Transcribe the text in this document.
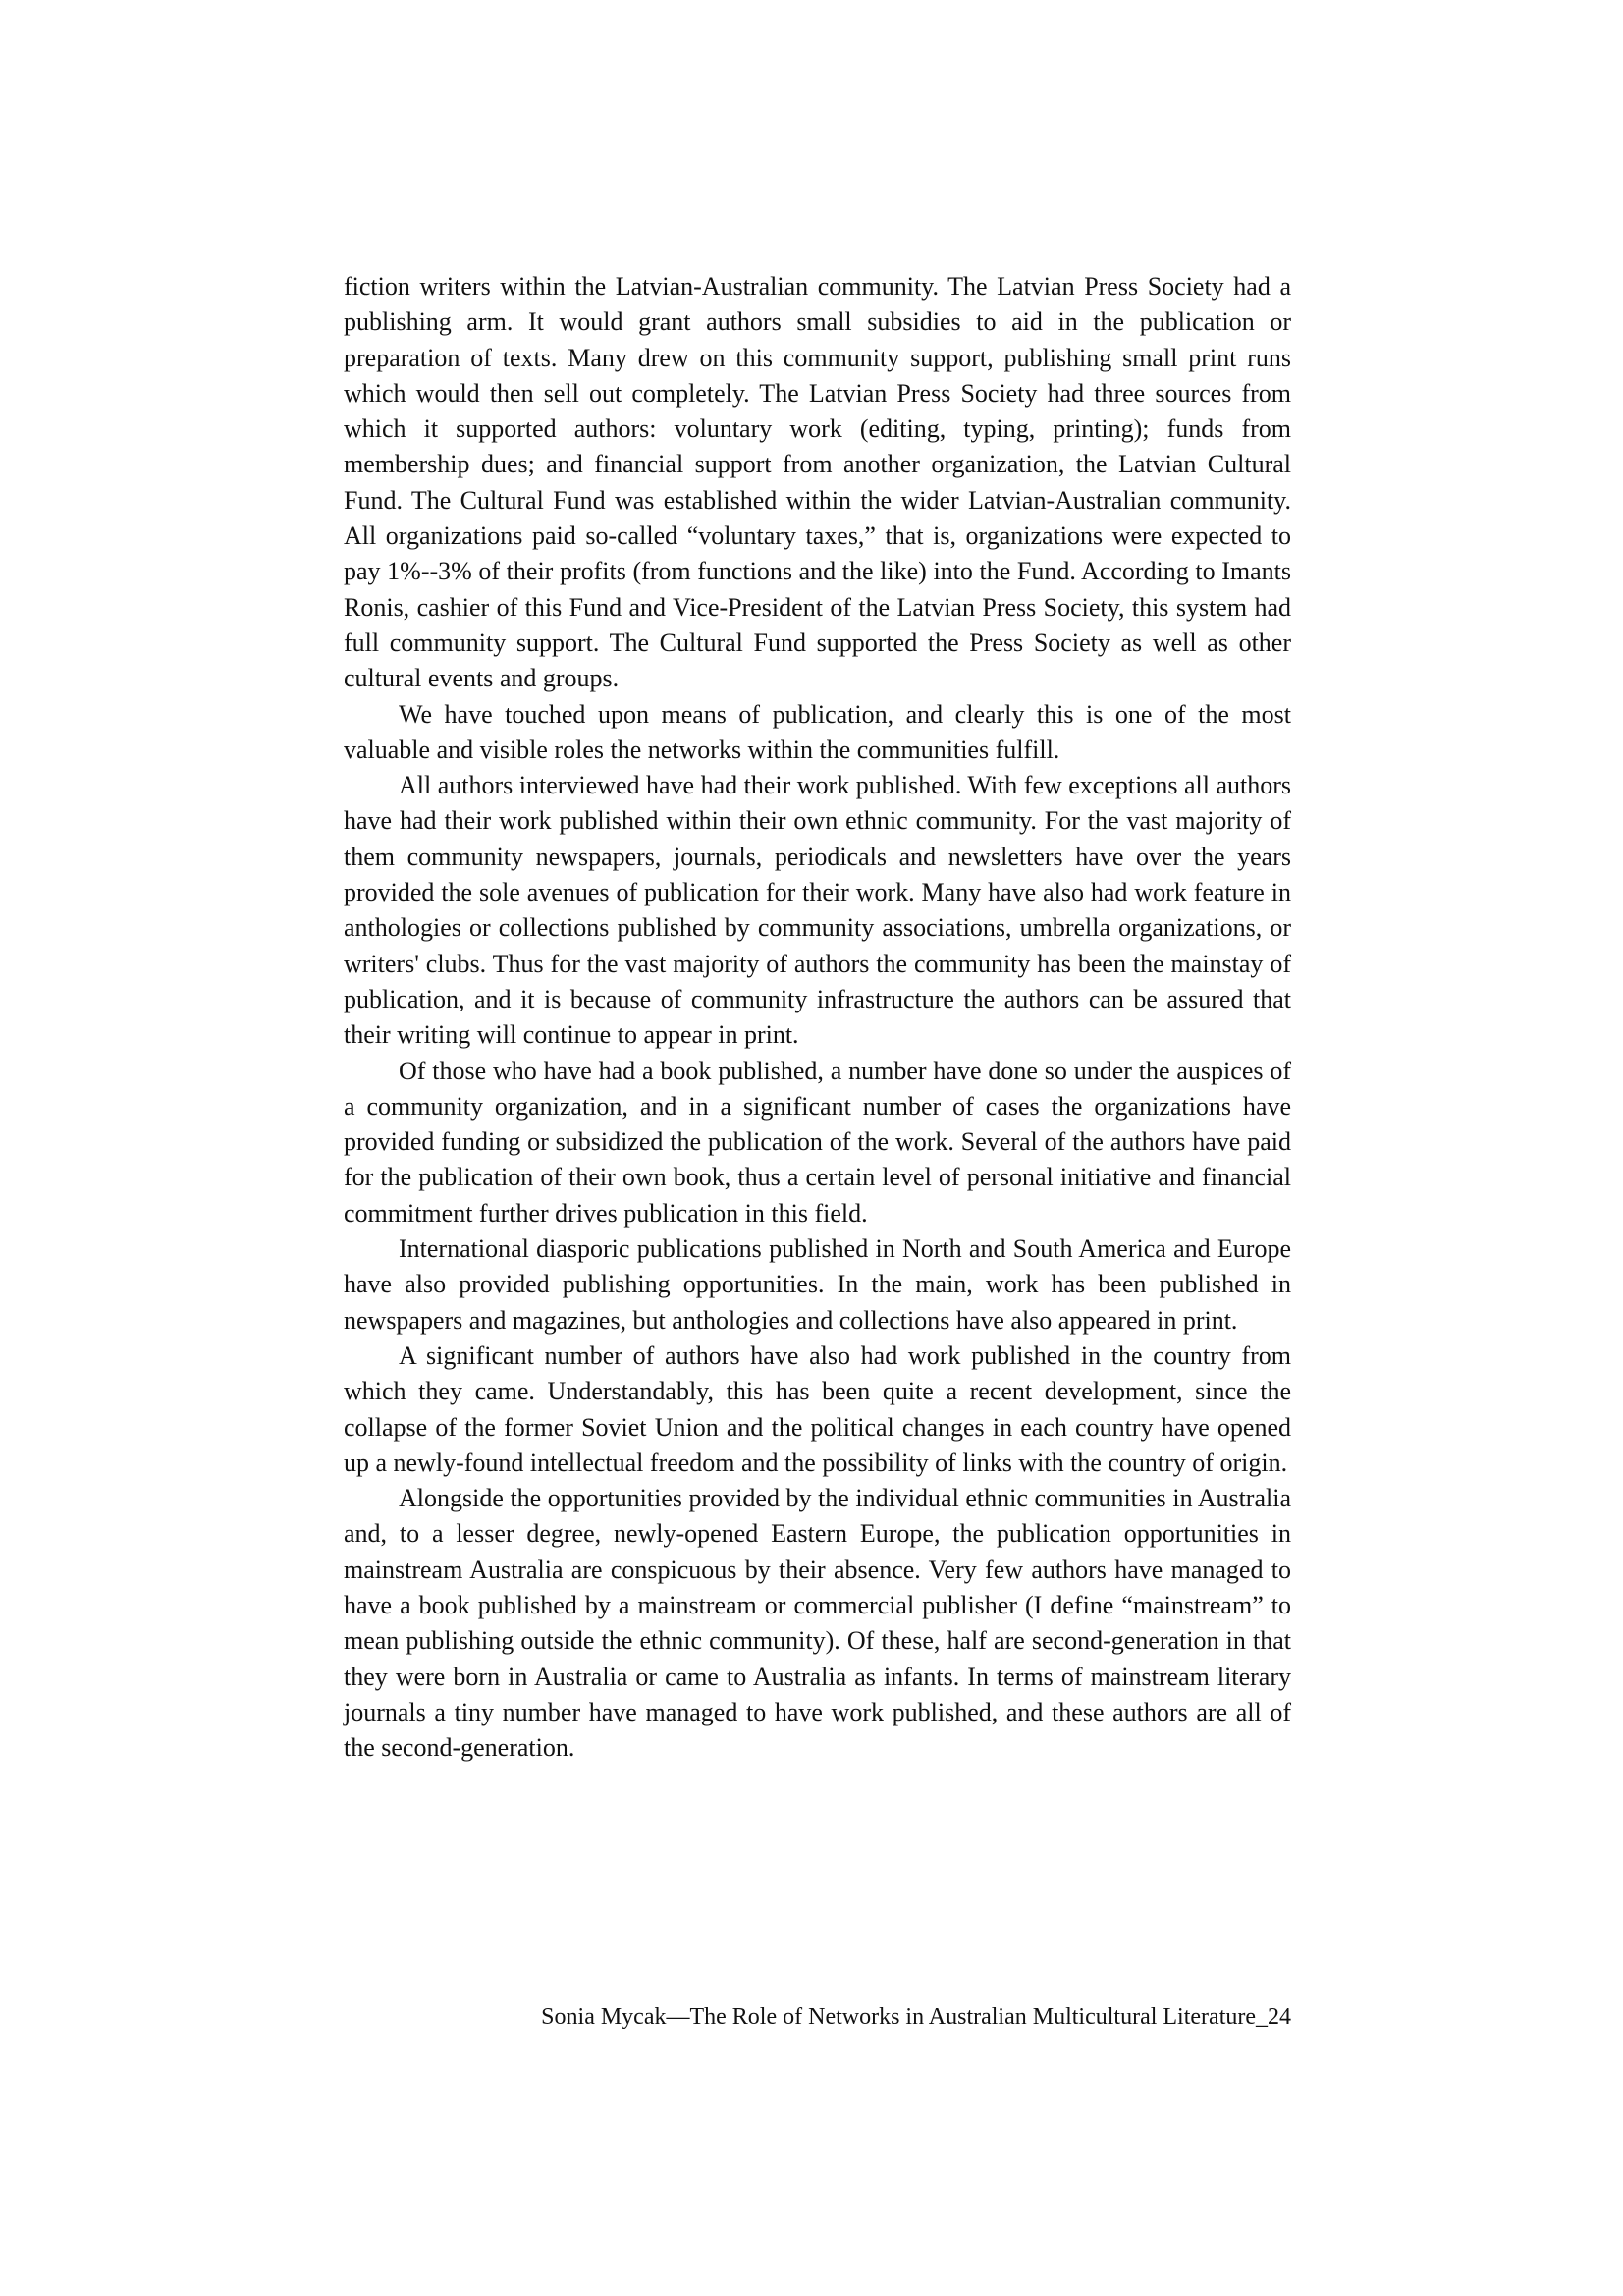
fiction writers within the Latvian-Australian community. The Latvian Press Society had a publishing arm. It would grant authors small subsidies to aid in the publication or preparation of texts. Many drew on this community support, publishing small print runs which would then sell out completely. The Latvian Press Society had three sources from which it supported authors: voluntary work (editing, typing, printing); funds from membership dues; and financial support from another organization, the Latvian Cultural Fund. The Cultural Fund was established within the wider Latvian-Australian community. All organizations paid so-called “voluntary taxes,” that is, organizations were expected to pay 1%--3% of their profits (from functions and the like) into the Fund. According to Imants Ronis, cashier of this Fund and Vice-President of the Latvian Press Society, this system had full community support. The Cultural Fund supported the Press Society as well as other cultural events and groups.

We have touched upon means of publication, and clearly this is one of the most valuable and visible roles the networks within the communities fulfill.

All authors interviewed have had their work published. With few exceptions all authors have had their work published within their own ethnic community. For the vast majority of them community newspapers, journals, periodicals and newsletters have over the years provided the sole avenues of publication for their work. Many have also had work feature in anthologies or collections published by community associations, umbrella organizations, or writers' clubs. Thus for the vast majority of authors the community has been the mainstay of publication, and it is because of community infrastructure the authors can be assured that their writing will continue to appear in print.

Of those who have had a book published, a number have done so under the auspices of a community organization, and in a significant number of cases the organizations have provided funding or subsidized the publication of the work. Several of the authors have paid for the publication of their own book, thus a certain level of personal initiative and financial commitment further drives publication in this field.

International diasporic publications published in North and South America and Europe have also provided publishing opportunities. In the main, work has been published in newspapers and magazines, but anthologies and collections have also appeared in print.

A significant number of authors have also had work published in the country from which they came. Understandably, this has been quite a recent development, since the collapse of the former Soviet Union and the political changes in each country have opened up a newly-found intellectual freedom and the possibility of links with the country of origin.

Alongside the opportunities provided by the individual ethnic communities in Australia and, to a lesser degree, newly-opened Eastern Europe, the publication opportunities in mainstream Australia are conspicuous by their absence. Very few authors have managed to have a book published by a mainstream or commercial publisher (I define “mainstream” to mean publishing outside the ethnic community). Of these, half are second-generation in that they were born in Australia or came to Australia as infants. In terms of mainstream literary journals a tiny number have managed to have work published, and these authors are all of the second-generation.

Sonia Mycak—The Role of Networks in Australian Multicultural Literature_24
